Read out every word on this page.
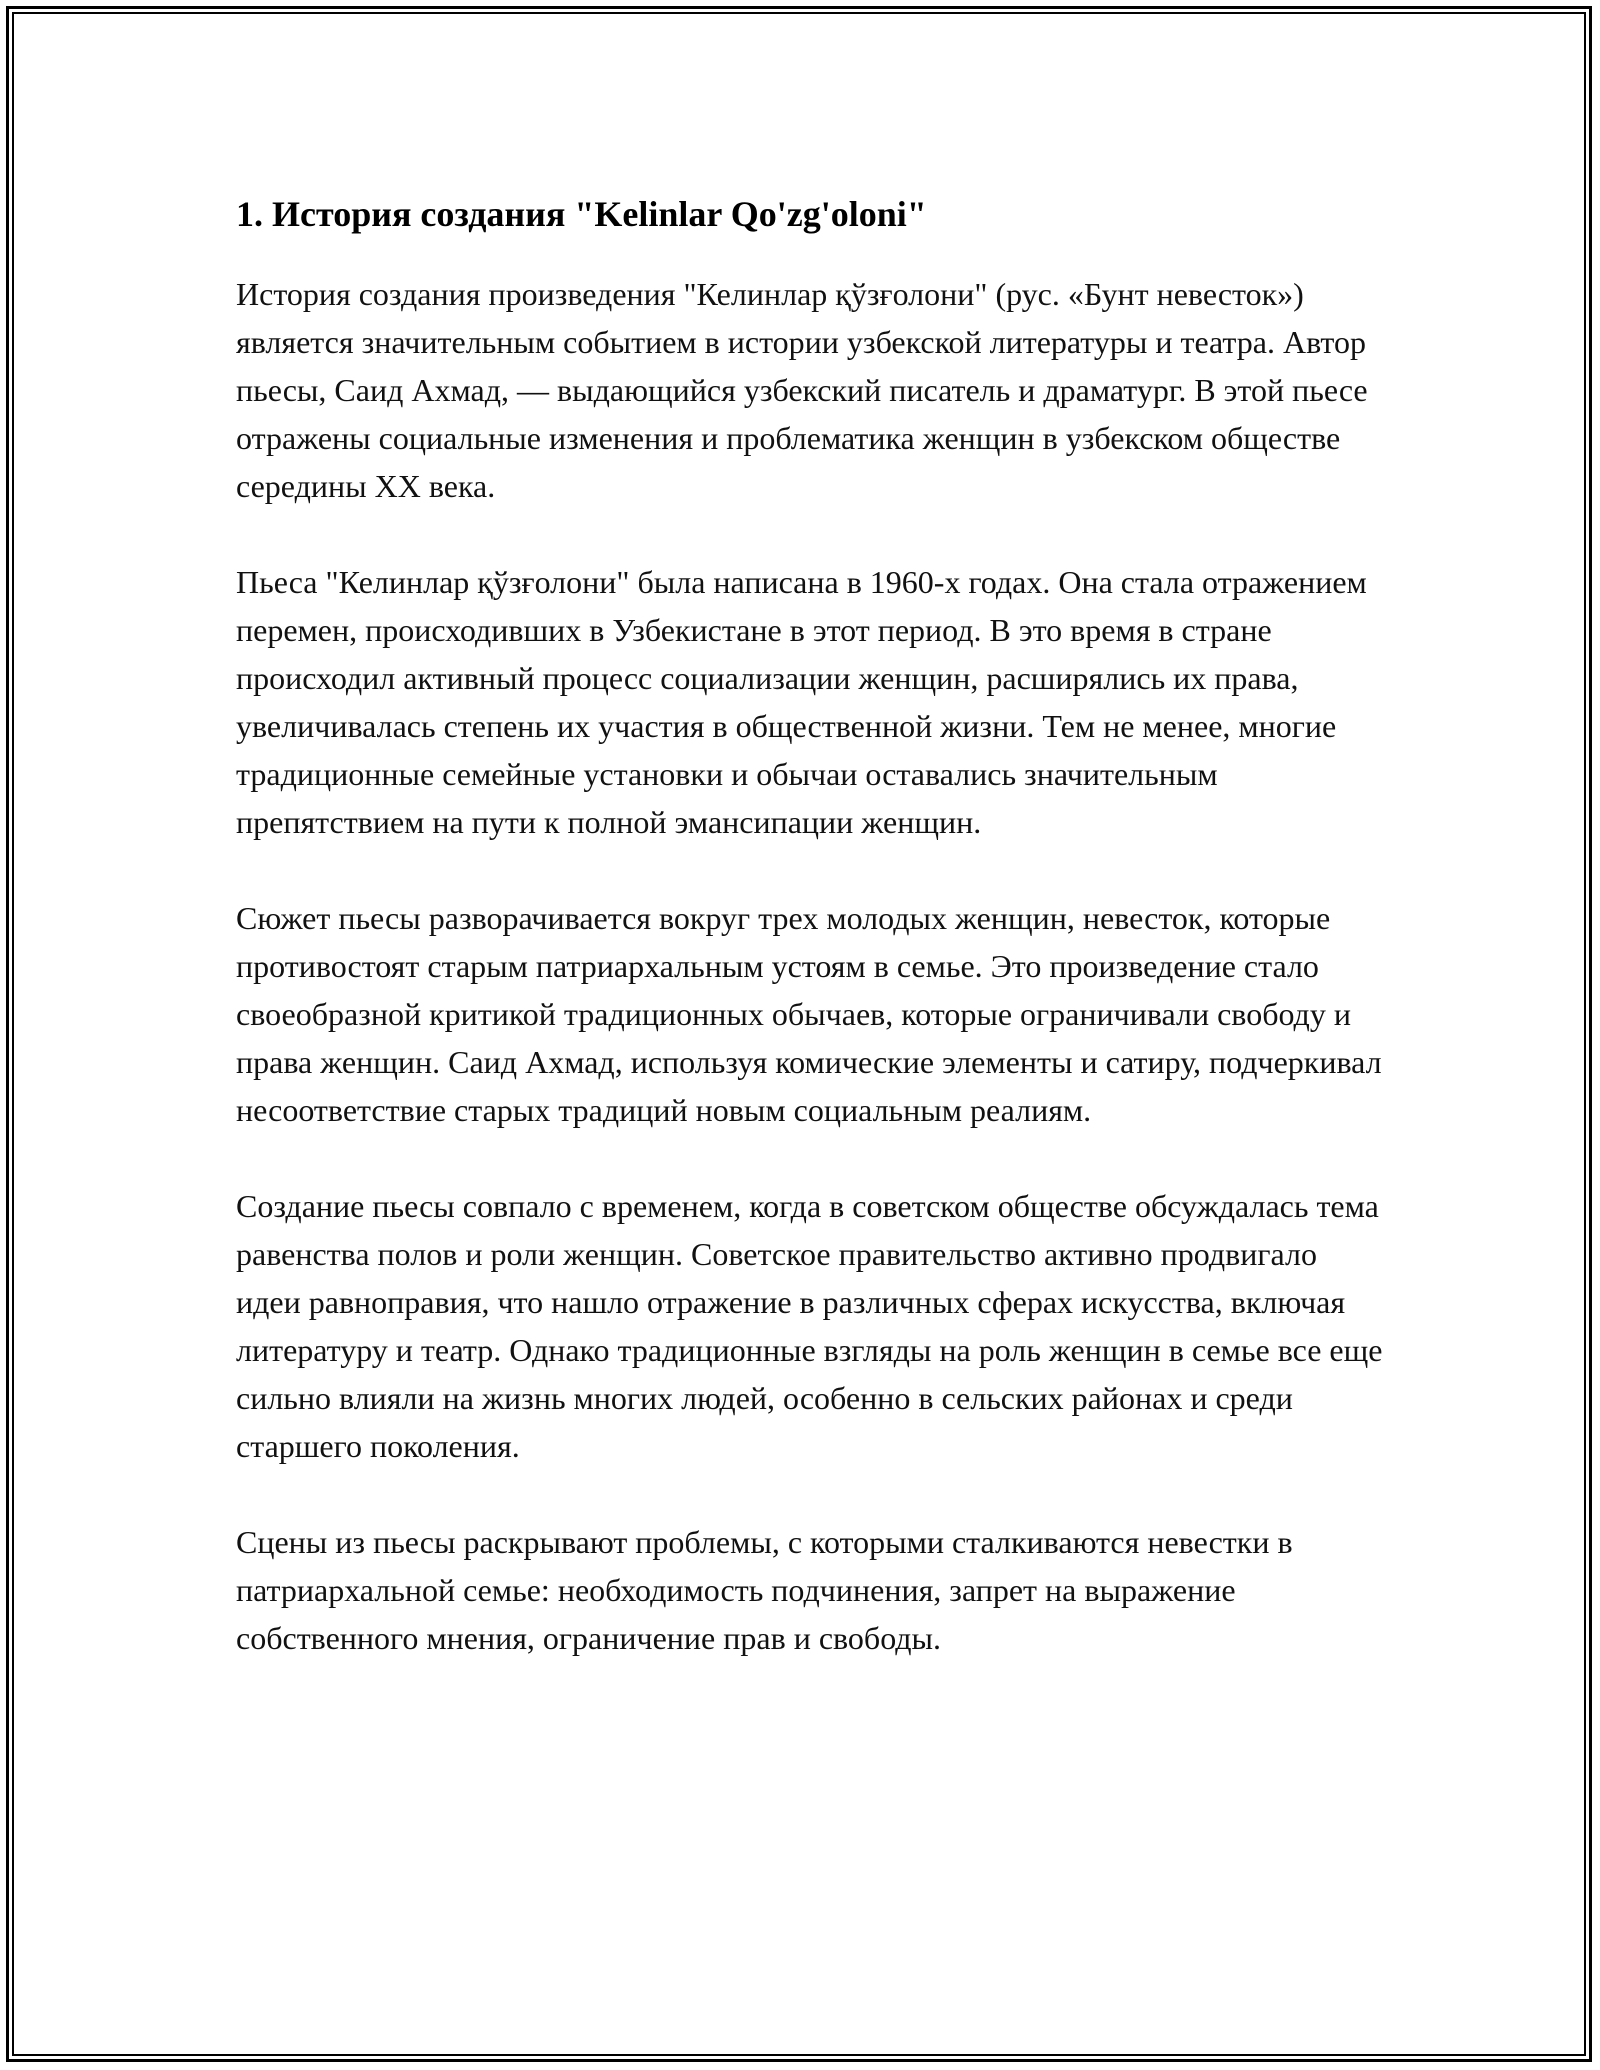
1. История создания "Kelinlar Qo'zg'oloni"

История создания произведения "Келинлар қўзғолони" (рус. «Бунт невесток») является значительным событием в истории узбекской литературы и театра. Автор пьесы, Саид Ахмад, — выдающийся узбекский писатель и драматург. В этой пьесе отражены социальные изменения и проблематика женщин в узбекском обществе середины XX века.

Пьеса "Келинлар қўзғолони" была написана в 1960-х годах. Она стала отражением перемен, происходивших в Узбекистане в этот период. В это время в стране происходил активный процесс социализации женщин, расширялись их права, увеличивалась степень их участия в общественной жизни. Тем не менее, многие традиционные семейные установки и обычаи оставались значительным препятствием на пути к полной эмансипации женщин.

Сюжет пьесы разворачивается вокруг трех молодых женщин, невесток, которые противостоят старым патриархальным устоям в семье. Это произведение стало своеобразной критикой традиционных обычаев, которые ограничивали свободу и права женщин. Саид Ахмад, используя комические элементы и сатиру, подчеркивал несоответствие старых традиций новым социальным реалиям.

Создание пьесы совпало с временем, когда в советском обществе обсуждалась тема равенства полов и роли женщин. Советское правительство активно продвигало идеи равноправия, что нашло отражение в различных сферах искусства, включая литературу и театр. Однако традиционные взгляды на роль женщин в семье все еще сильно влияли на жизнь многих людей, особенно в сельских районах и среди старшего поколения.

Сцены из пьесы раскрывают проблемы, с которыми сталкиваются невестки в патриархальной семье: необходимость подчинения, запрет на выражение собственного мнения, ограничение прав и свободы.
